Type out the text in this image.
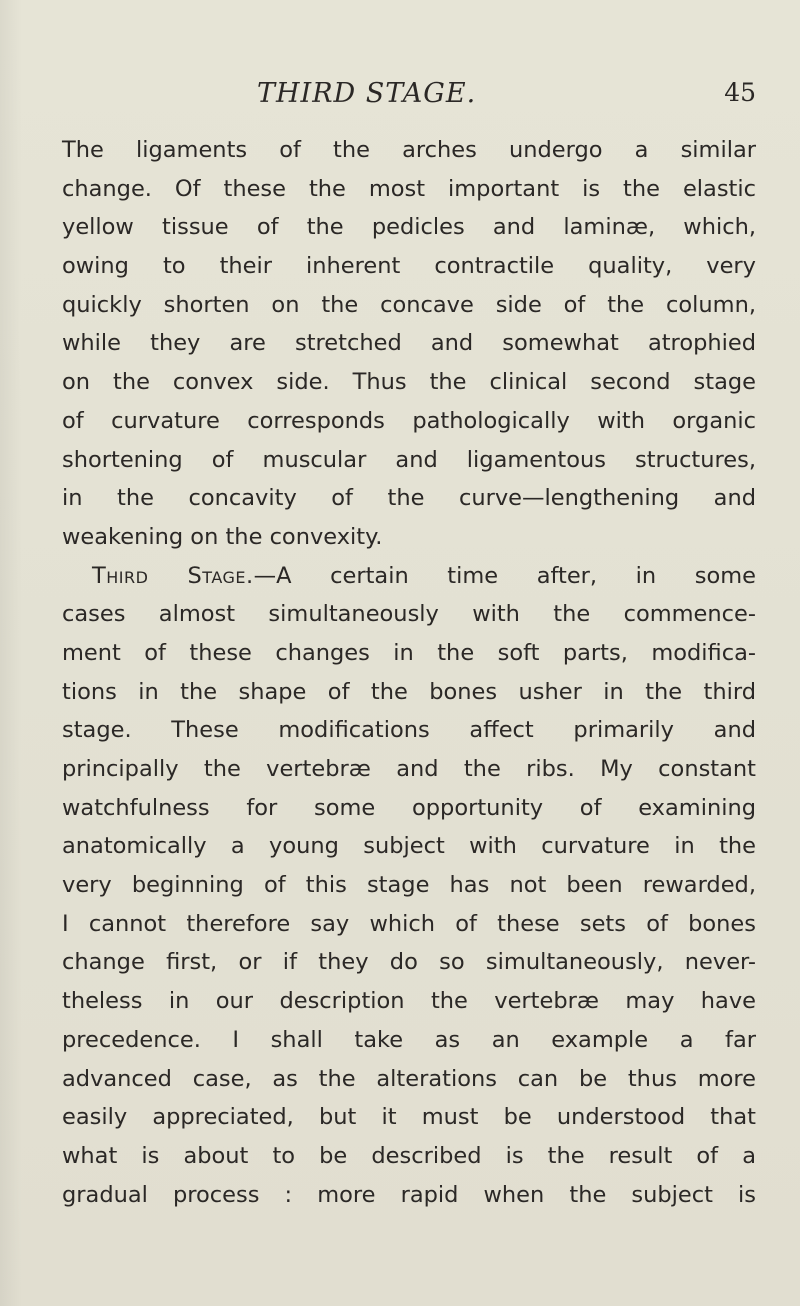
THIRD STAGE.	45
The ligaments of the arches undergo a similar
change. Of these the most important is the elastic
yellow tissue of the pedicles and laminæ, which,
owing to their inherent contractile quality, very
quickly shorten on the concave side of the column,
while they are stretched and somewhat atrophied
on the convex side. Thus the clinical second stage
of curvature corresponds pathologically with organic
shortening of muscular and ligamentous structures,
in the concavity of the curve—lengthening and
weakening on the convexity.
Third Stage.—A certain time after, in some
cases almost simultaneously with the commence-
ment of these changes in the soft parts, modifica-
tions in the shape of the bones usher in the third
stage. These modifications affect primarily and
principally the vertebræ and the ribs. My constant
watchfulness for some opportunity of examining
anatomically a young subject with curvature in the
very beginning of this stage has not been rewarded,
I cannot therefore say which of these sets of bones
change first, or if they do so simultaneously, never-
theless in our description the vertebræ may have
precedence. I shall take as an example a far
advanced case, as the alterations can be thus more
easily appreciated, but it must be understood that
what is about to be described is the result of a
gradual process : more rapid when the subject is
